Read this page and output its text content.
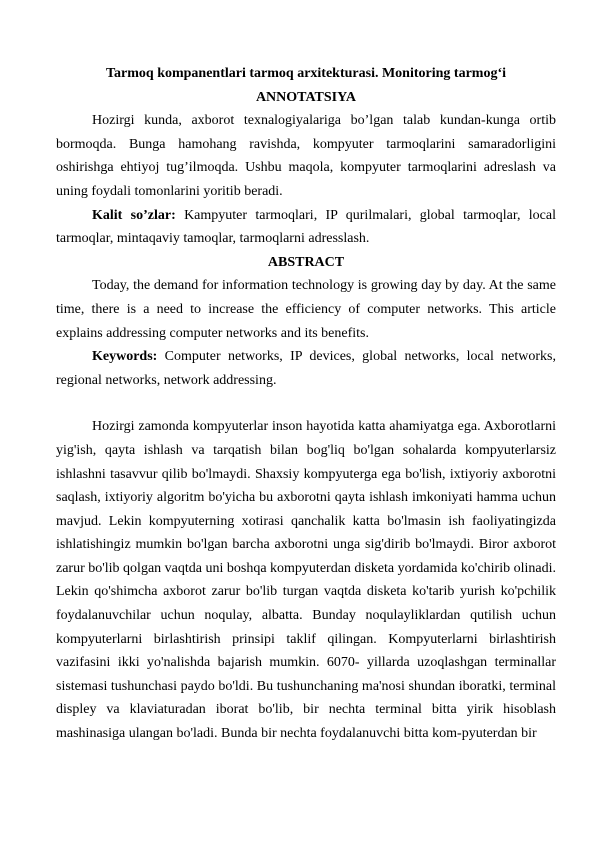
Tarmoq kompanentlari tarmoq arxitekturasi. Monitoring tarmog‘i
ANNOTATSIYA

Hozirgi kunda, axborot texnalogiyalariga bo’lgan talab kundan-kunga ortib bormoqda. Bunga hamohang ravishda, kompyuter tarmoqlarini samaradorligini oshirishga ehtiyoj tug’ilmoqda. Ushbu maqola, kompyuter tarmoqlarini adreslash va uning foydali tomonlarini yoritib beradi.

Kalit so’zlar: Kampyuter tarmoqlari, IP qurilmalari, global tarmoqlar, local tarmoqlar, mintaqaviy tamoqlar, tarmoqlarni adresslash.

ABSTRACT

Today, the demand for information technology is growing day by day. At the same time, there is a need to increase the efficiency of computer networks. This article explains addressing computer networks and its benefits.

Keywords: Computer networks, IP devices, global networks, local networks, regional networks, network addressing.

Hozirgi zamonda kompyuterlar inson hayotida katta ahamiyatga ega. Axborotlarni yig'ish, qayta ishlash va tarqatish bilan bog'liq bo'lgan sohalarda kompyuterlarsiz ishlashni tasavvur qilib bo'lmaydi. Shaxsiy kompyuterga ega bo'lish, ixtiyoriy axborotni saqlash, ixtiyoriy algoritm bo'yicha bu axborotni qayta ishlash imkoniyati hamma uchun mavjud. Lekin kompyuterning xotirasi qanchalik katta bo'lmasin ish faoliyatingizda ishlatishingiz mumkin bo'lgan barcha axborotni unga sig'dirib bo'lmaydi. Biror axborot zarur bo'lib qolgan vaqtda uni boshqa kompyuterdan disketa yordamida ko'chirib olinadi. Lekin qo'shimcha axborot zarur bo'lib turgan vaqtda disketa ko'tarib yurish ko'pchilik foydalanuvchilar uchun noqulay, albatta. Bunday noqulayliklardan qutilish uchun kompyuterlarni birlashtirish prinsipi taklif qilingan. Kompyuterlarni birlashtirish vazifasini ikki yo'nalishda bajarish mumkin. 6070- yillarda uzoqlashgan terminallar sistemasi tushunchasi paydo bo'ldi. Bu tushunchaning ma'nosi shundan iboratki, terminal displey va klaviaturadan iborat bo'lib, bir nechta terminal bitta yirik hisoblash mashinasiga ulangan bo'ladi. Bunda bir nechta foydalanuvchi bitta kom-pyuterdan bir
